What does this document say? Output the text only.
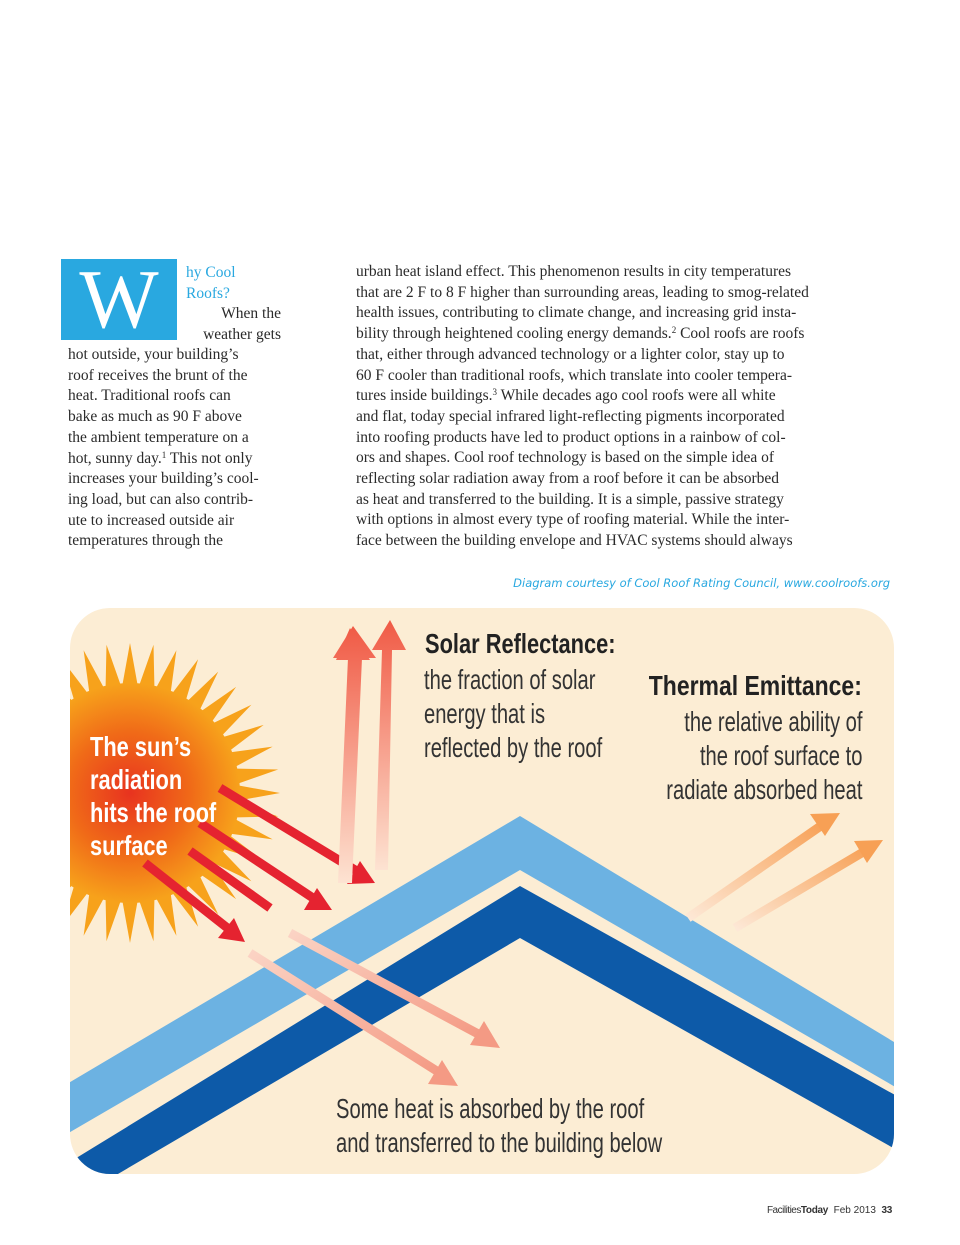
W	hy Cool
Roofs?
When the
weather gets
hot outside, your building’s
roof receives the brunt of the
heat. Traditional roofs can
bake as much as 90 F above
the ambient temperature on a
hot, sunny day.$^1$ This not only
increases your building’s cool-
ing load, but can also contrib-
ute to increased outside air
temperatures through the
urban heat island effect. This phenomenon results in city temperatures
that are 2 F to 8 F higher than surrounding areas, leading to smog-related
health issues, contributing to climate change, and increasing grid insta-
bility through heightened cooling energy demands.$^2$ Cool roofs are roofs
that, either through advanced technology or a lighter color, stay up to
60 F cooler than traditional roofs, which translate into cooler tempera-
tures inside buildings.$^3$ While decades ago cool roofs were all white
and flat, today special infrared light-reflecting pigments incorporated
into roofing products have led to product options in a rainbow of col-
ors and shapes. Cool roof technology is based on the simple idea of
reflecting solar radiation away from a roof before it can be absorbed
as heat and transferred to the building. It is a simple, passive strategy
with options in almost every type of roofing material. While the inter-
face between the building envelope and HVAC systems should always
Diagram courtesy of Cool Roof Rating Council, www.coolroofs.org
The sun’s
radiation
hits the roof
surface
Solar Reflectance:
the fraction of solar
energy that is
reflected by the roof
Thermal Emittance:
the relative ability of
the roof surface to
radiate absorbed heat
Some heat is absorbed by the roof
and transferred to the building below
FacilitiesToday Feb 2013 33
